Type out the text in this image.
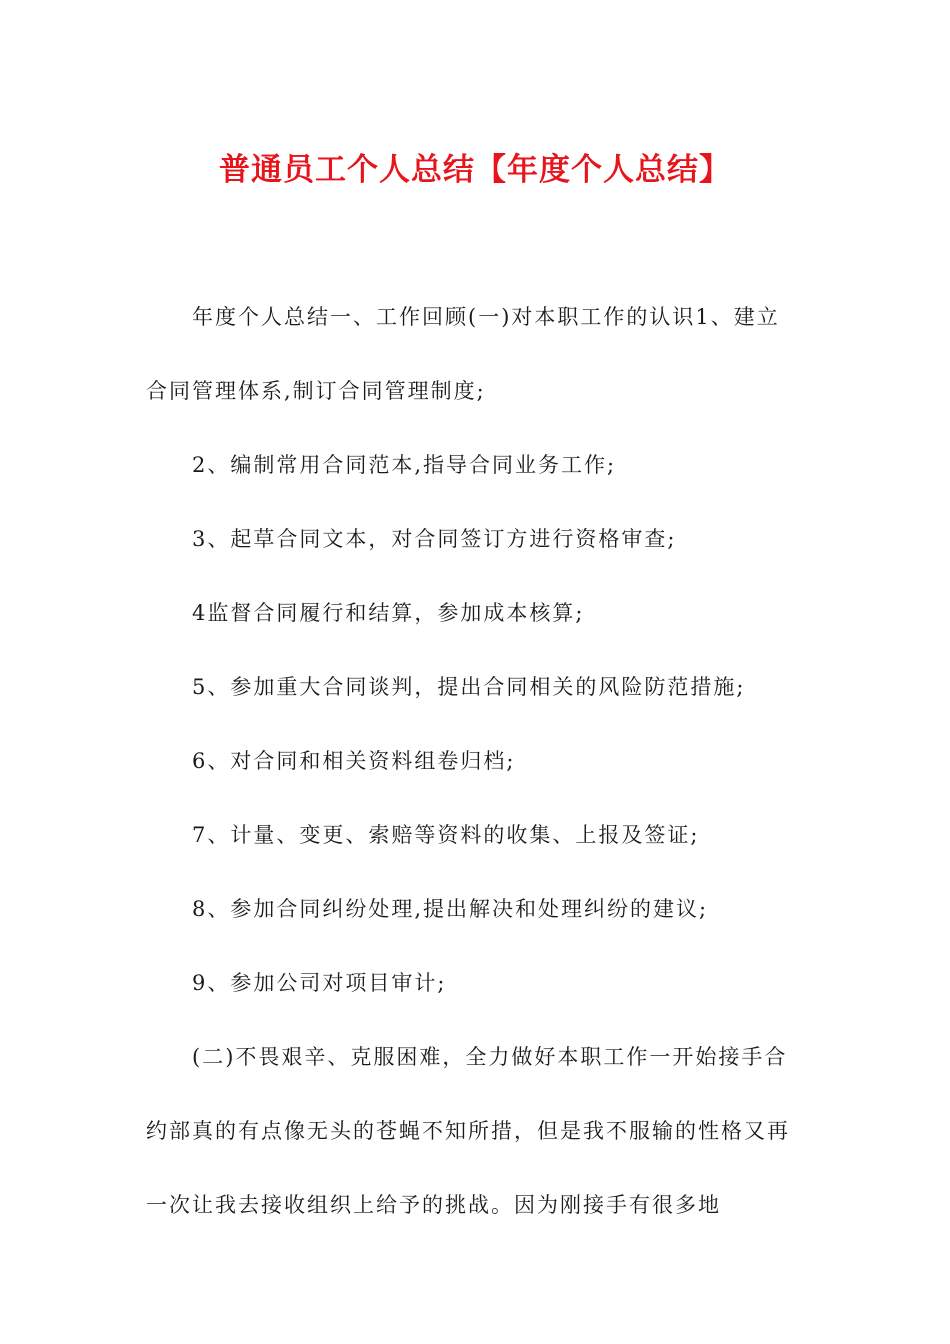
普通员工个人总结【年度个人总结】

年度个人总结一、工作回顾(一)对本职工作的认识1、建立合同管理体系,制订合同管理制度;

2、编制常用合同范本,指导合同业务工作;

3、起草合同文本，对合同签订方进行资格审查;

4监督合同履行和结算，参加成本核算;

5、参加重大合同谈判，提出合同相关的风险防范措施;

6、对合同和相关资料组卷归档;

7、计量、变更、索赔等资料的收集、上报及签证;

8、参加合同纠纷处理,提出解决和处理纠纷的建议;

9、参加公司对项目审计;

(二)不畏艰辛、克服困难，全力做好本职工作一开始接手合约部真的有点像无头的苍蝇不知所措，但是我不服输的性格又再一次让我去接收组织上给予的挑战。因为刚接手有很多地
